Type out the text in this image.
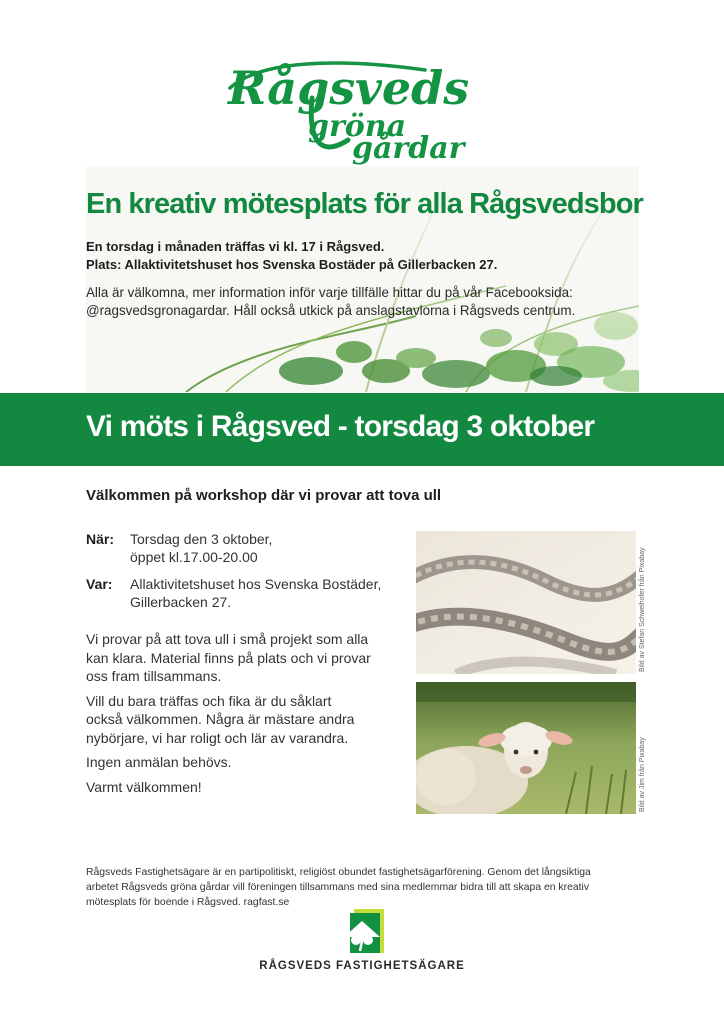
Rågsveds
gröna
gårdar
En kreativ mötesplats för alla Rågsvedsbor
En torsdag i månaden träffas vi kl. 17 i Rågsved.
Plats: Allaktivitetshuset hos Svenska Bostäder på Gillerbacken 27.
Alla är välkomna, mer information inför varje tillfälle hittar du på vår Facebooksida:
@ragsvedsgronagardar. Håll också utkick på anslagstavlorna i Rågsveds centrum.
Vi möts i Rågsved - torsdag 3 oktober
Välkommen på workshop där vi provar att tova ull
När: Torsdag den 3 oktober,
öppet kl.17.00-20.00
Var: Allaktivitetshuset hos Svenska Bostäder,
Gillerbacken 27.

Vi provar på att tova ull i små projekt som alla
kan klara. Material finns på plats och vi provar
oss fram tillsammans.

Vill du bara träffas och fika är du såklart
också välkommen. Några är mästare andra
nybörjare, vi har roligt och lär av varandra.

Ingen anmälan behövs.

Varmt välkommen!

Bild av Stefan Schweihofer från Pixabay
Bild av Jim från Pixabay
Rågsveds Fastighetsägare är en partipolitiskt, religiöst obundet fastighetsägarförening. Genom det långsiktiga
arbetet Rågsveds gröna gårdar vill föreningen tillsammans med sina medlemmar bidra till att skapa en kreativ
mötesplats för boende i Rågsved. ragfast.se
RÅGSVEDS FASTIGHETSÄGARE
